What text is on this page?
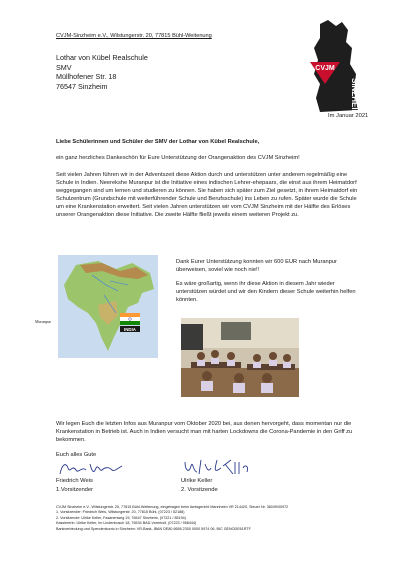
CVJM-Sinzheim e.V., Wilstungerstr. 20, 77815 Bühl-Weitenung
CVJM
SINZHEIM
Lothar von Kübel Realschule
SMV
Müllhofener Str. 18
76547 Sinzheim
Im Januar 2021

Liebe Schülerinnen und Schüler der SMV der Lothar von Kübel Realschule,

ein ganz herzliches Dankeschön für Eure Unterstützung der Orangenaktion des CVJM Sinzheim!

Seit vielen Jahren führen wir in der Adventszeit diese Aktion durch und unterstützen unter anderem regelmäßig eine Schule in Indien. Neerekshe Muranpur ist die Initiative eines indischen Lehrer-ehepaars, die einst aus ihrem Heimatdorf weggegangen sind um lernen und studieren zu können. Sie haben sich später zum Ziel gesetzt, in ihrem Heimatdorf ein Schulzentrum (Grundschule mit weiterführender Schule und Berufsschule) ins Leben zu rufen. Später wurde die Schule um eine Krankenstation erweitert. Seit vielen Jahren unterstützen wir vom CVJM Sinzheim mit der Hälfte des Erlöses unserer Orangenaktion diese Initiative. Die zweite Hälfte fließt jeweils einem weiteren Projekt zu.

INDIA
Muranpur

Dank Eurer Unterstützung konnten wir 600 EUR nach Muranpur überweisen, soviel wie noch nie!!

Es wäre großartig, wenn ihr diese Aktion in diesem Jahr wieder unterstützen würdet und wir den Kindern dieser Schule weiterhin helfen könnten.

Wir legen Euch die letzten Infos aus Muranpur vom Oktober 2020 bei, aus denen hervorgeht, dass momentan nur die Krankenstation in Betrieb ist. Auch in Indien versucht man mit harten Lockdowns die Corona-Pandemie in den Griff zu bekommen.

Euch alles Gute
Friedrich Weis
1.Vorsitzender
Ulrike Keller
2. Vorsitzende
CVJM Sinzheim e.V., Wilstungerstr. 20, 77815 Bühl-Weitenung, eingetragen beim Amtsgericht Mannheim VR 214420, Steuer Nr. 36049/00972
1. Vorsitzender: Friedrich Weis, Wilstungerstr. 20, 77815 Bühl, (07223 / 52188)
2. Vorsitzende: Ulrike Keller, Fasanenweg 19, 76547 Sinzheim, (07221 / 85194)
Kassiererin: Ulrike Keller, Im Lindenbosch 18, 76534 BAD-Vormholt, (07223 / 958444)
Bankverbindung und Spendenkonto in Sinzheim: VR-Bank, IBAN DE80 6656 2300 0000 5974 06, BIC GENODE61RTF
